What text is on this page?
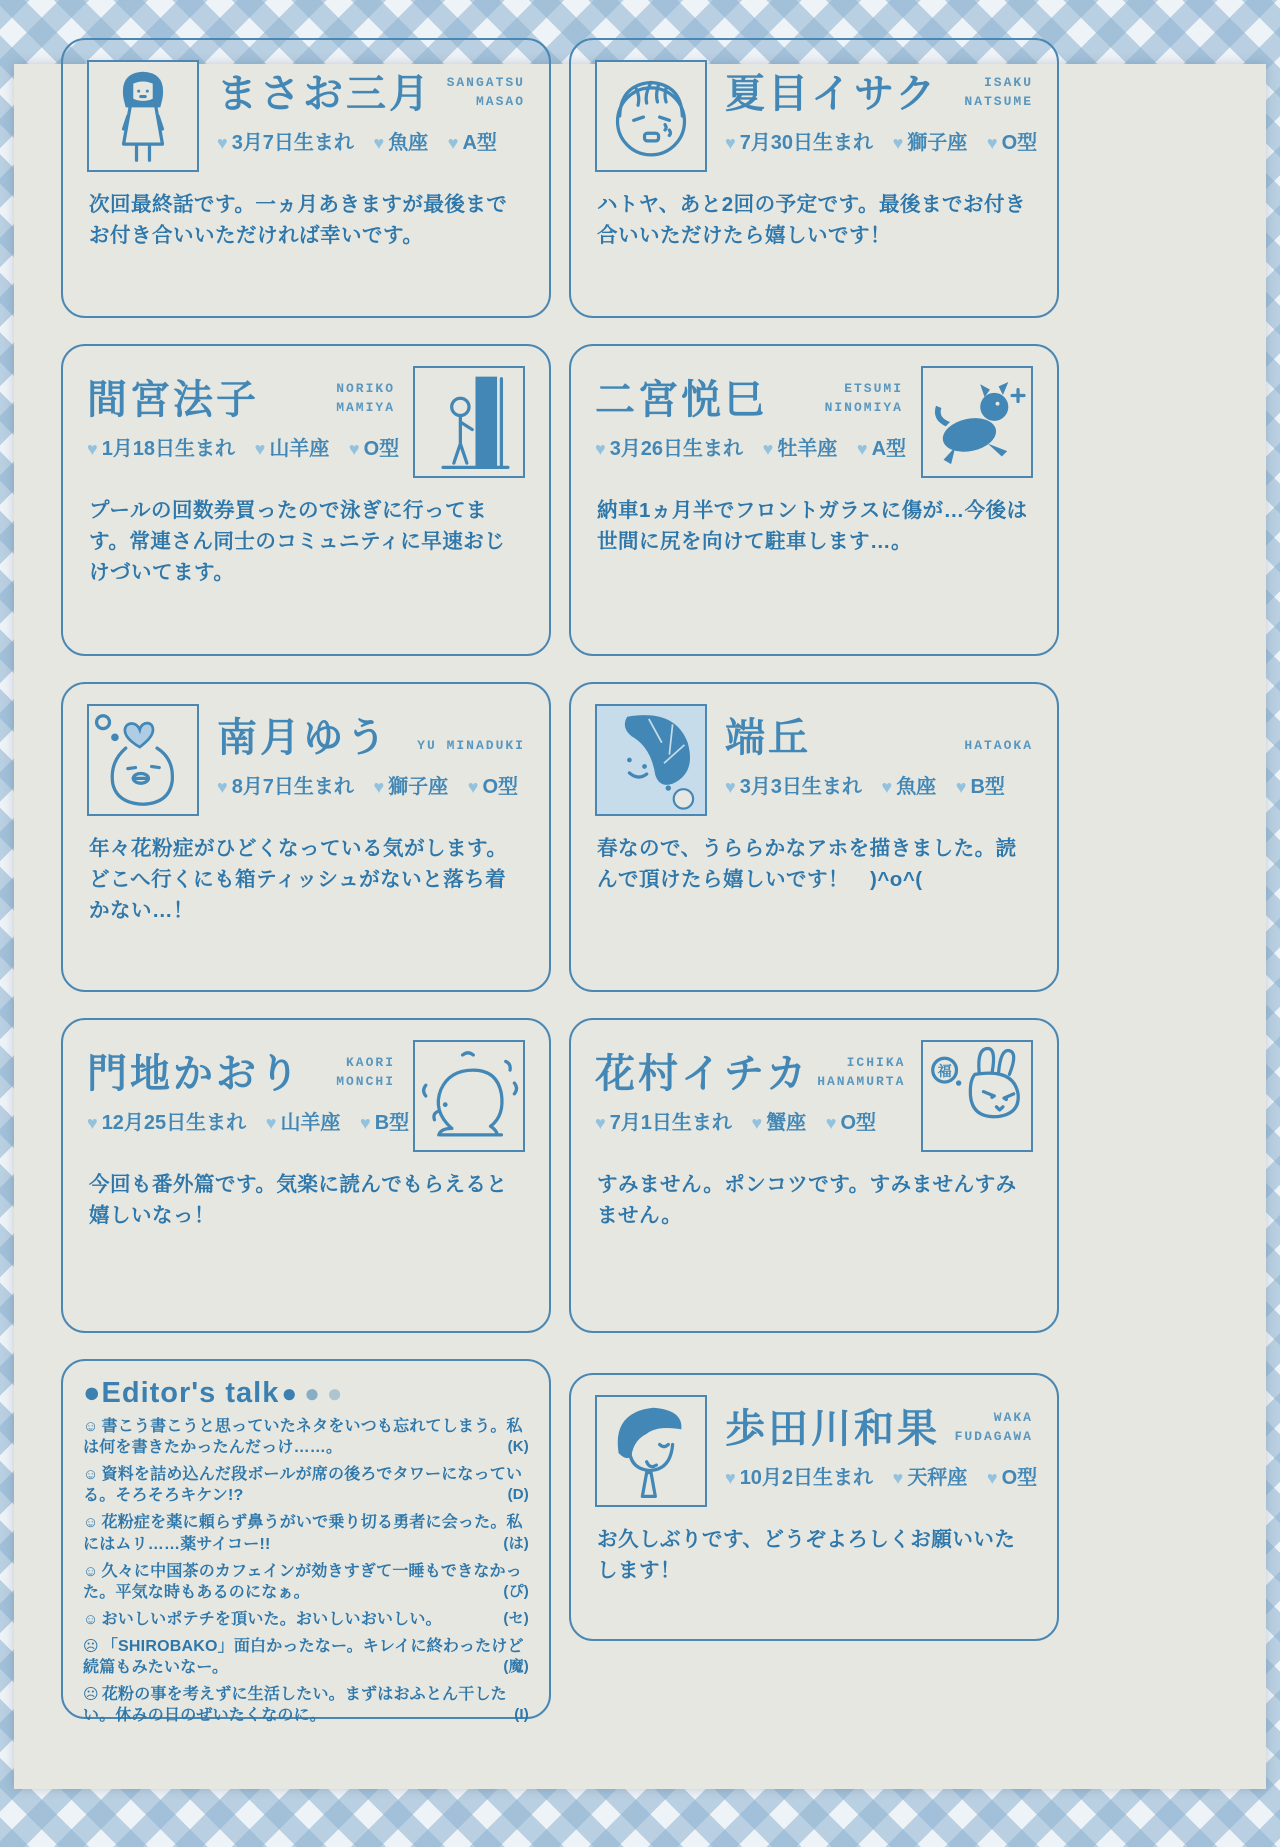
まさお三月 SANGATSU
MASAO
♥ 3月7日生まれ ♥ 魚座 ♥ A型

次回最終話です。一ヵ月あきますが最後までお付き合いいただければ幸いです。

夏目イサク	ISAKU
NATSUME
♥ 7月30日生まれ ♥ 獅子座 ♥ O型

ハトヤ、あと2回の予定です。最後までお付き合いいただけたら嬉しいです！

間宮法子	NORIKO
MAMIYA
♥ 1月18日生まれ ♥ 山羊座 ♥ O型

プールの回数券買ったので泳ぎに行ってます。常連さん同士のコミュニティに早速おじけづいてます。

二宮悦巳	ETSUMI
NINOMIYA
♥ 3月26日生まれ ♥ 牡羊座 ♥ A型

納車1ヵ月半でフロントガラスに傷が…今後は世間に尻を向けて駐車します…。

南月ゆう YU MINADUKI
♥ 8月7日生まれ ♥ 獅子座 ♥ O型

年々花粉症がひどくなっている気がします。どこへ行くにも箱ティッシュがないと落ち着かない…！

端丘	HATAOKA
♥ 3月3日生まれ ♥ 魚座 ♥ B型

春なので、うららかなアホを描きました。読んで頂けたら嬉しいです！　)^o^(

門地かおり	KAORI
MONCHI
♥ 12月25日生まれ ♥ 山羊座 ♥ B型

今回も番外篇です。気楽に読んでもらえると嬉しいなっ！

福
花村イチカ	ICHIKA
HANAMURTA
♥ 7月1日生まれ ♥ 蟹座 ♥ O型

すみません。ポンコツです。すみませんすみません。

●Editor's talk● ● ●

☺ 書こう書こうと思っていたネタをいつも忘れてしまう。私は何を書きたかったんだっけ……。	(K)

☺ 資料を詰め込んだ段ボールが席の後ろでタワーになっている。そろそろキケン!?	(D)

☺ 花粉症を薬に頼らず鼻うがいで乗り切る勇者に会った。私にはムリ……薬サイコー!!	(は)

☺ 久々に中国茶のカフェインが効きすぎて一睡もできなかった。平気な時もあるのになぁ。	(ぴ)

☺ おいしいポテチを頂いた。おいしいおいしい。	(セ)

☹ 「SHIROBAKO」面白かったなー。キレイに終わったけど続篇もみたいなー。	(魔)

☹ 花粉の事を考えずに生活したい。まずはおふとん干したい。休みの日のぜいたくなのに。	(I)

歩田川和果	WAKA
FUDAGAWA
♥ 10月2日生まれ ♥ 天秤座 ♥ O型

お久しぶりです、どうぞよろしくお願いいたします！
